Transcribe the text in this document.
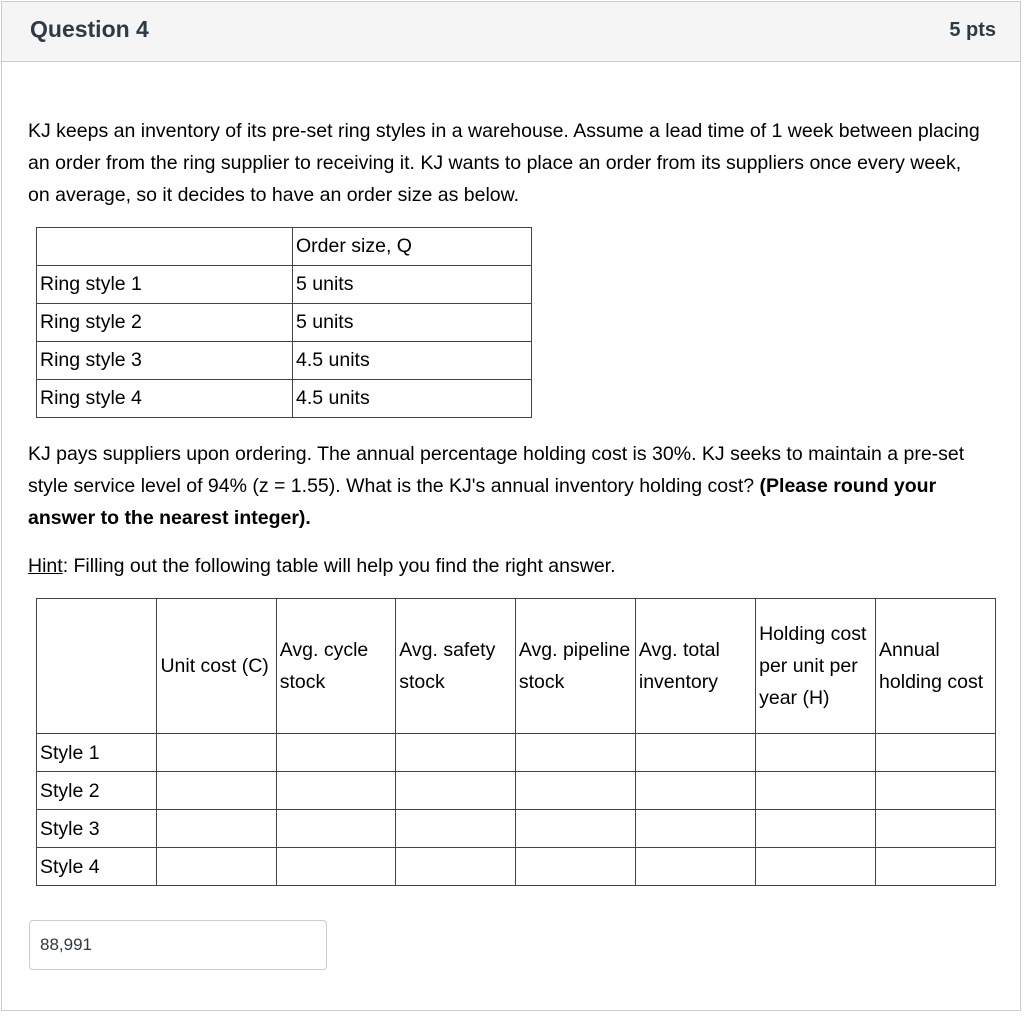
Question 4	5 pts
KJ keeps an inventory of its pre-set ring styles in a warehouse. Assume a lead time of 1 week between placing an order from the ring supplier to receiving it. KJ wants to place an order from its suppliers once every week, on average, so it decides to have an order size as below.
	Order size, Q
Ring style 1	5 units
Ring style 2	5 units
Ring style 3	4.5 units
Ring style 4	4.5 units
KJ pays suppliers upon ordering. The annual percentage holding cost is 30%. KJ seeks to maintain a pre-set style service level of 94% (z = 1.55). What is the KJ's annual inventory holding cost? (Please round your answer to the nearest integer).
Hint: Filling out the following table will help you find the right answer.
	Unit cost (C)	Avg. cycle stock	Avg. safety stock	Avg. pipeline stock	Avg. total inventory	Holding cost per unit per year (H)	Annual holding cost
Style 1							
Style 2							
Style 3							
Style 4							
88,991
